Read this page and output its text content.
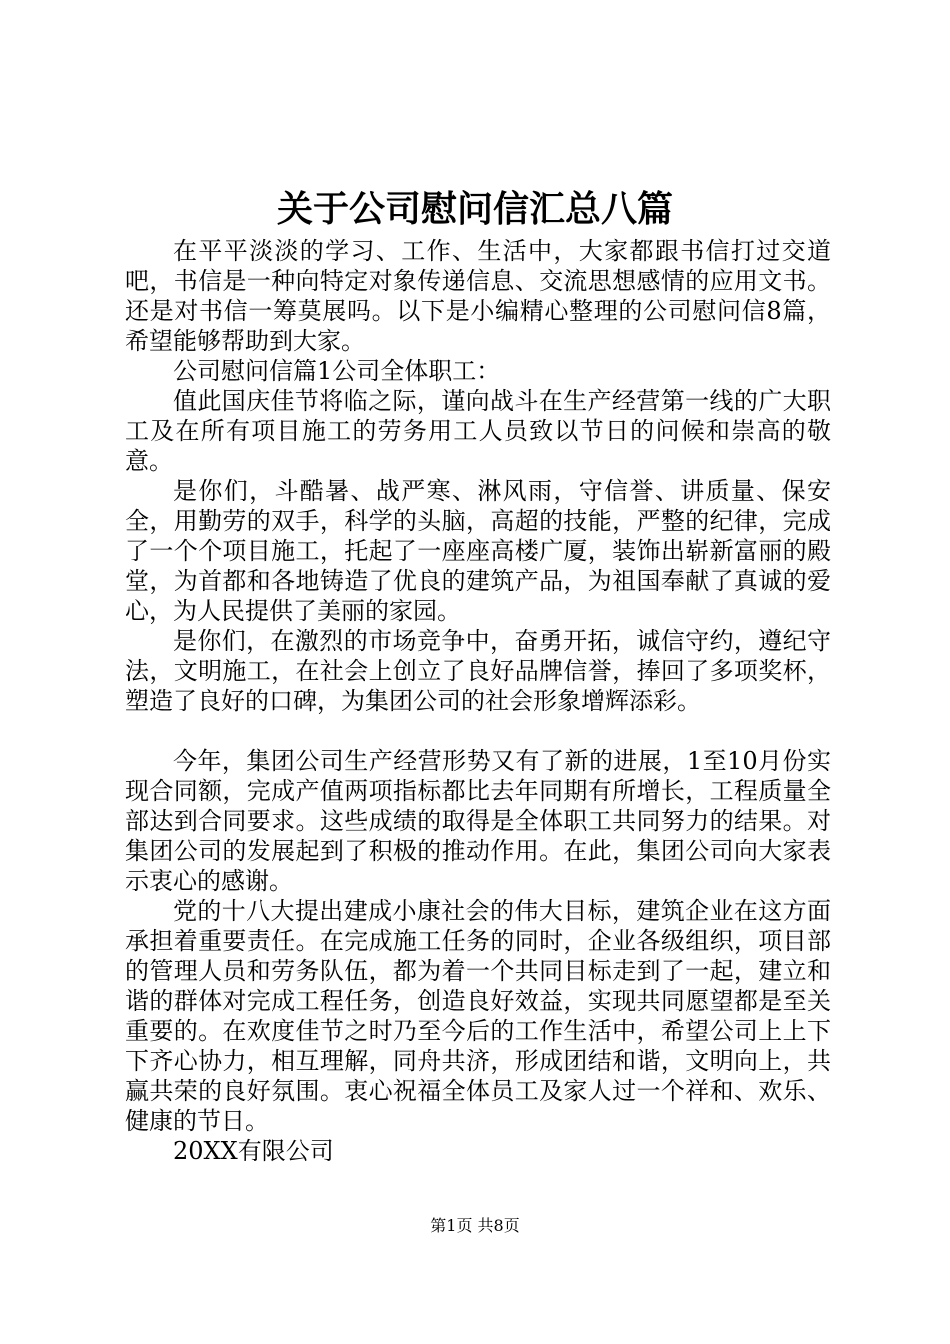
关于公司慰问信汇总八篇

在平平淡淡的学习、工作、生活中，大家都跟书信打过交道吧，书信是一种向特定对象传递信息、交流思想感情的应用文书。还是对书信一筹莫展吗。以下是小编精心整理的公司慰问信8篇，希望能够帮助到大家。

公司慰问信篇1公司全体职工：

值此国庆佳节将临之际，谨向战斗在生产经营第一线的广大职工及在所有项目施工的劳务用工人员致以节日的问候和崇高的敬意。

是你们，斗酷暑、战严寒、淋风雨，守信誉、讲质量、保安全，用勤劳的双手，科学的头脑，高超的技能，严整的纪律，完成了一个个项目施工，托起了一座座高楼广厦，装饰出崭新富丽的殿堂，为首都和各地铸造了优良的建筑产品，为祖国奉献了真诚的爱心，为人民提供了美丽的家园。

是你们，在激烈的市场竞争中，奋勇开拓，诚信守约，遵纪守法，文明施工，在社会上创立了良好品牌信誉，捧回了多项奖杯，塑造了良好的口碑，为集团公司的社会形象增辉添彩。

今年，集团公司生产经营形势又有了新的进展，1至10月份实现合同额，完成产值两项指标都比去年同期有所增长，工程质量全部达到合同要求。这些成绩的取得是全体职工共同努力的结果。对集团公司的发展起到了积极的推动作用。在此，集团公司向大家表示衷心的感谢。

党的十八大提出建成小康社会的伟大目标，建筑企业在这方面承担着重要责任。在完成施工任务的同时，企业各级组织，项目部的管理人员和劳务队伍，都为着一个共同目标走到了一起，建立和谐的群体对完成工程任务，创造良好效益，实现共同愿望都是至关重要的。在欢度佳节之时乃至今后的工作生活中，希望公司上上下下齐心协力，相互理解，同舟共济，形成团结和谐，文明向上，共赢共荣的良好氛围。衷心祝福全体员工及家人过一个祥和、欢乐、健康的节日。

20XX有限公司

第1页 共8页
